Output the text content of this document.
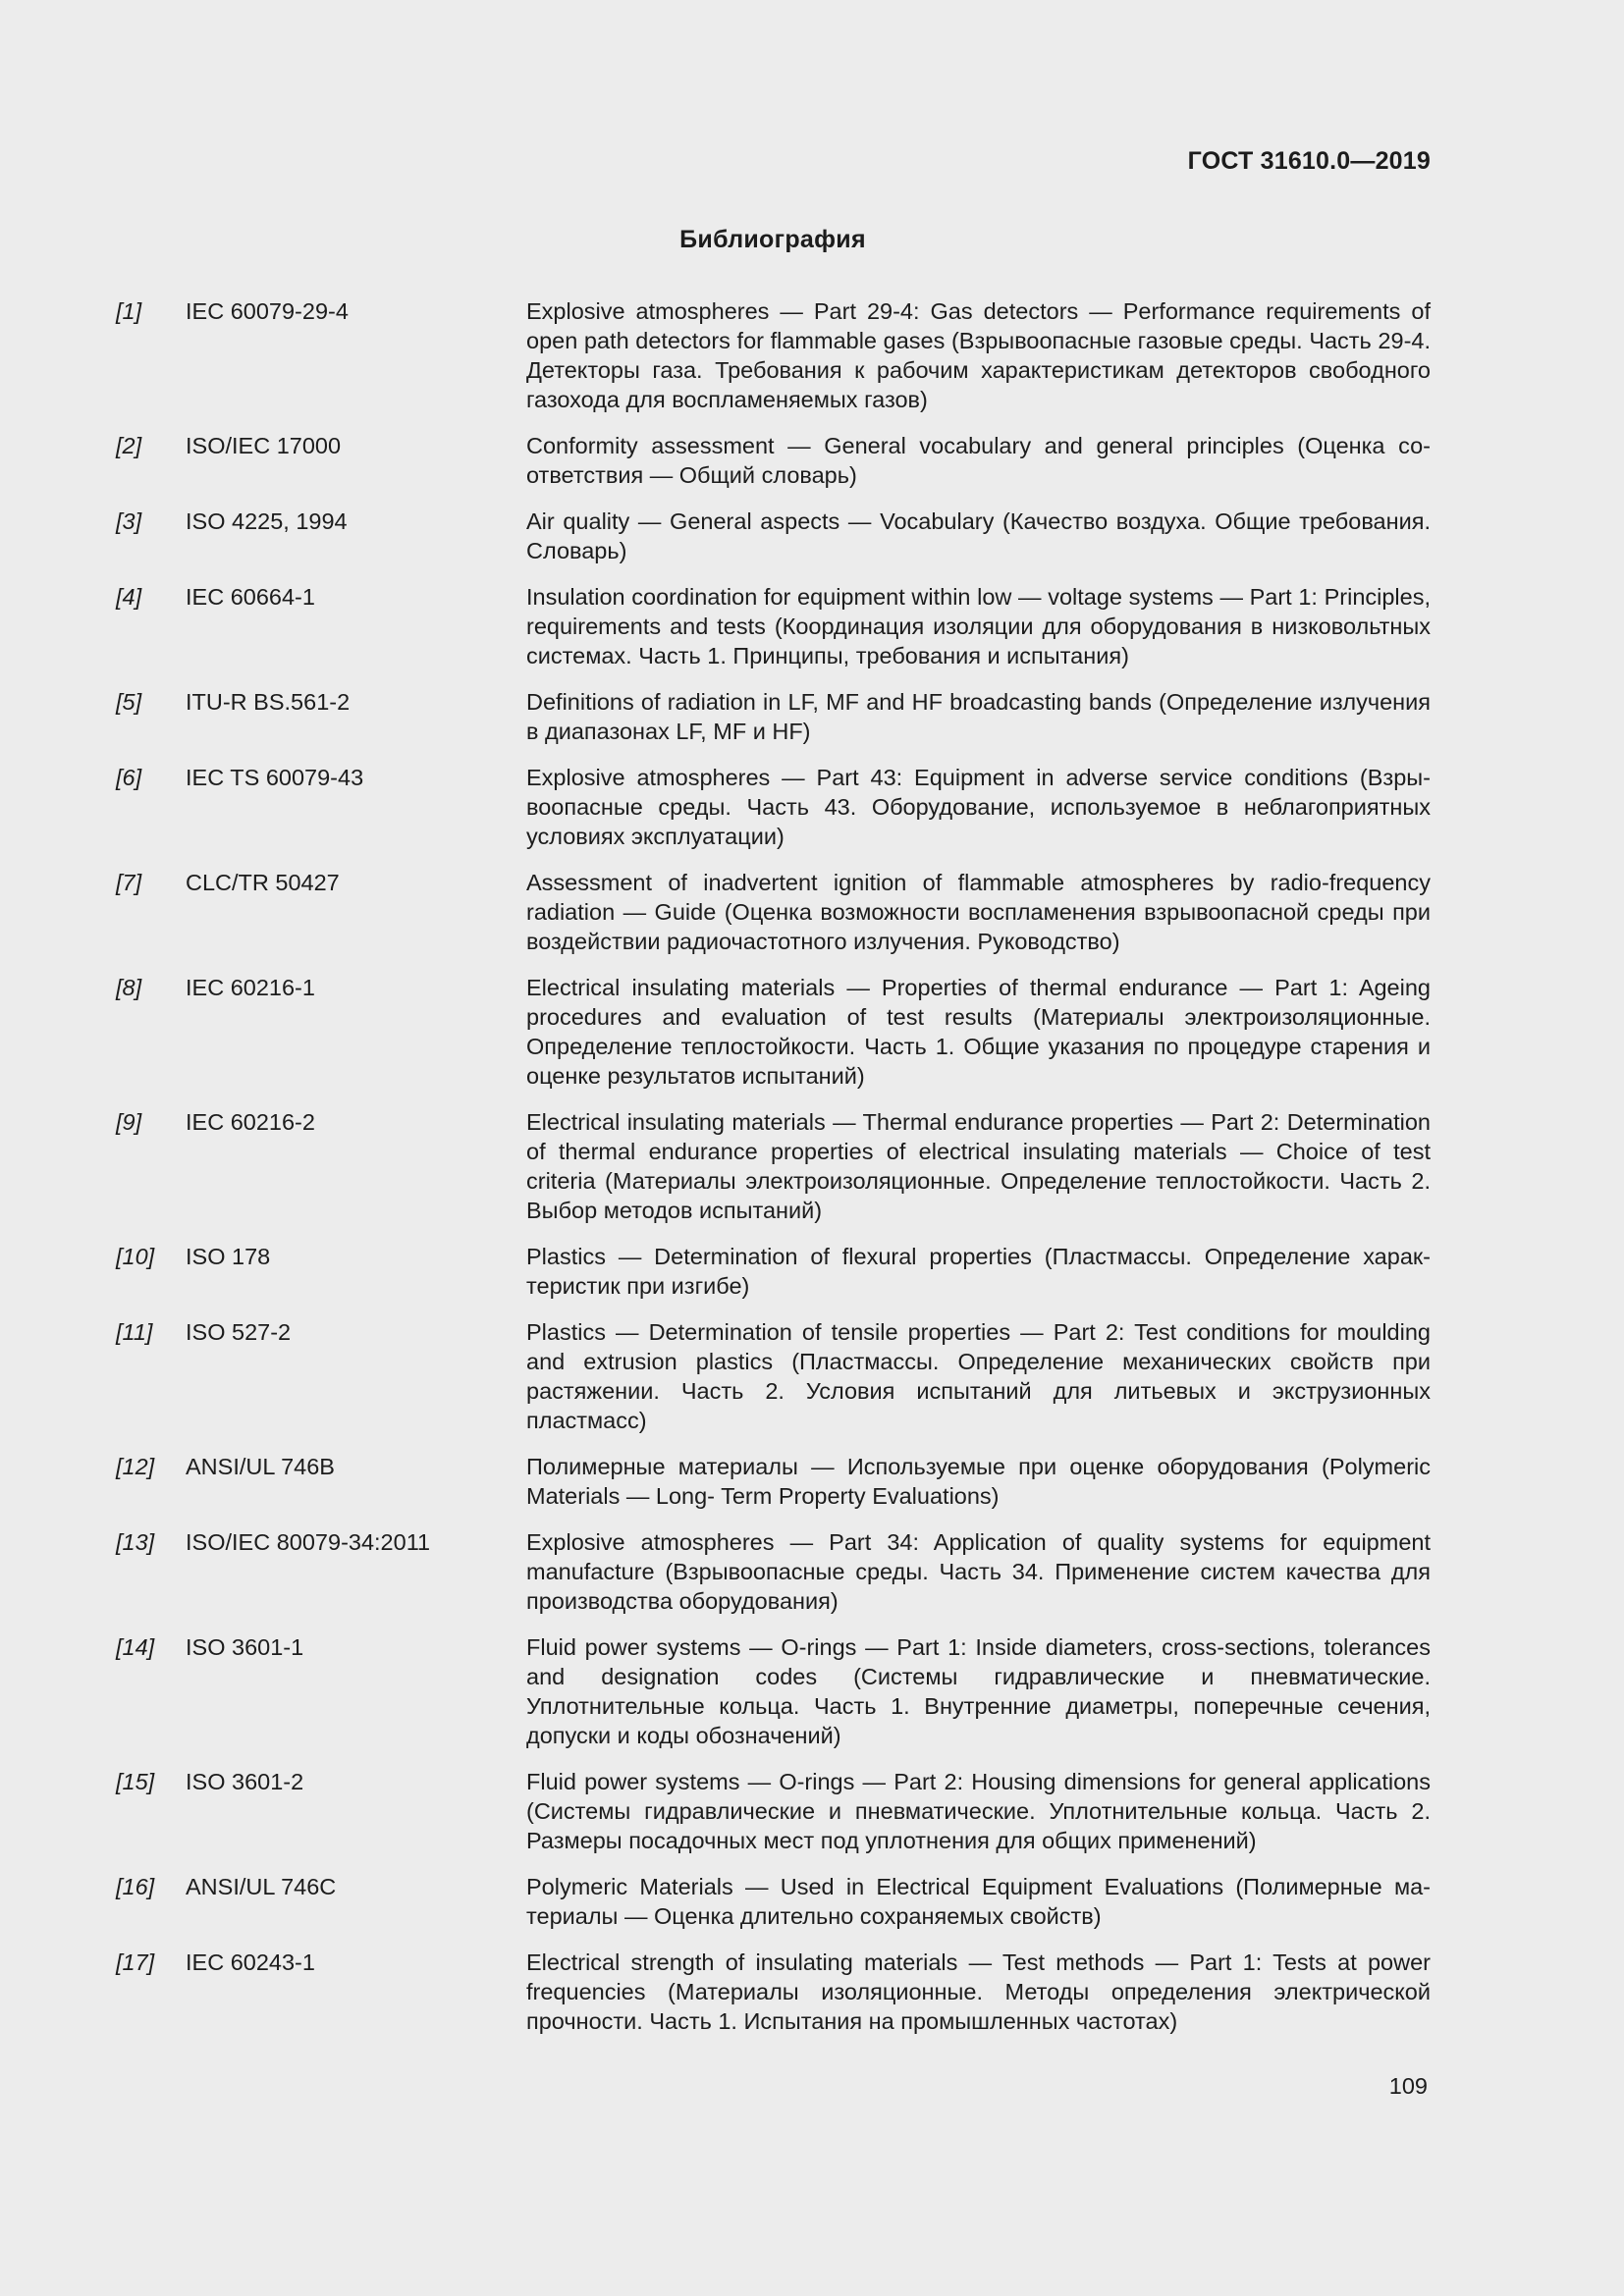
ГОСТ 31610.0—2019
Библиография
[1] IEC 60079-29-4	Explosive atmospheres — Part 29-4: Gas detectors — Performance requirements of open path detectors for flammable gases (Взрывоопасные газовые среды. Часть 29-4. Детекторы газа. Требования к рабочим характеристикам детекторов свободного газохода для воспламеняемых газов)
[2] ISO/IEC 17000	Conformity assessment — General vocabulary and general principles (Оценка соответствия — Общий словарь)
[3] ISO 4225, 1994	Air quality — General aspects — Vocabulary (Качество воздуха. Общие требования. Словарь)
[4] IEC 60664-1	Insulation coordination for equipment within low — voltage systems — Part 1: Principles, requirements and tests (Координация изоляции для оборудования в низковольтных системах. Часть 1. Принципы, требования и испытания)
[5] ITU-R BS.561-2	Definitions of radiation in LF, MF and HF broadcasting bands (Определение излучения в диапазонах LF, MF и HF)
[6] IEC TS 60079-43	Explosive atmospheres — Part 43: Equipment in adverse service conditions (Взрывоопасные среды. Часть 43. Оборудование, используемое в неблагоприятных условиях эксплуатации)
[7] CLC/TR 50427	Assessment of inadvertent ignition of flammable atmospheres by radio-frequency radiation — Guide (Оценка возможности воспламенения взрывоопасной среды при воздействии радиочастотного излучения. Руководство)
[8] IEC 60216-1	Electrical insulating materials — Properties of thermal endurance — Part 1: Ageing procedures and evaluation of test results (Материалы электроизоляционные. Определение теплостойкости. Часть 1. Общие указания по процедуре старения и оценке результатов испытаний)
[9] IEC 60216-2	Electrical insulating materials — Thermal endurance properties — Part 2: Determination of thermal endurance properties of electrical insulating materials — Choice of test criteria (Материалы электроизоляционные. Определение теплостойкости. Часть 2. Выбор методов испытаний)
[10] ISO 178	Plastics — Determination of flexural properties (Пластмассы. Определение характеристик при изгибе)
[11] ISO 527-2	Plastics — Determination of tensile properties — Part 2: Test conditions for moulding and extrusion plastics (Пластмассы. Определение механических свойств при растяжении. Часть 2. Условия испытаний для литьевых и экструзионных пластмасс)
[12] ANSI/UL 746B	Полимерные материалы — Используемые при оценке оборудования (Polymeric Materials — Long- Term Property Evaluations)
[13] ISO/IEC 80079-34:2011	Explosive atmospheres — Part 34: Application of quality systems for equipment manufacture (Взрывоопасные среды. Часть 34. Применение систем качества для производства оборудования)
[14] ISO 3601-1	Fluid power systems — O-rings — Part 1: Inside diameters, cross-sections, tolerances and designation codes (Системы гидравлические и пневматические. Уплотнительные кольца. Часть 1. Внутренние диаметры, поперечные сечения, допуски и коды обозначений)
[15] ISO 3601-2	Fluid power systems — O-rings — Part 2: Housing dimensions for general applications (Системы гидравлические и пневматические. Уплотнительные кольца. Часть 2. Размеры посадочных мест под уплотнения для общих применений)
[16] ANSI/UL 746C	Polymeric Materials — Used in Electrical Equipment Evaluations (Полимерные материалы — Оценка длительно сохраняемых свойств)
[17] IEC 60243-1	Electrical strength of insulating materials — Test methods — Part 1: Tests at power frequencies (Материалы изоляционные. Методы определения электрической прочности. Часть 1. Испытания на промышленных частотах)
109
